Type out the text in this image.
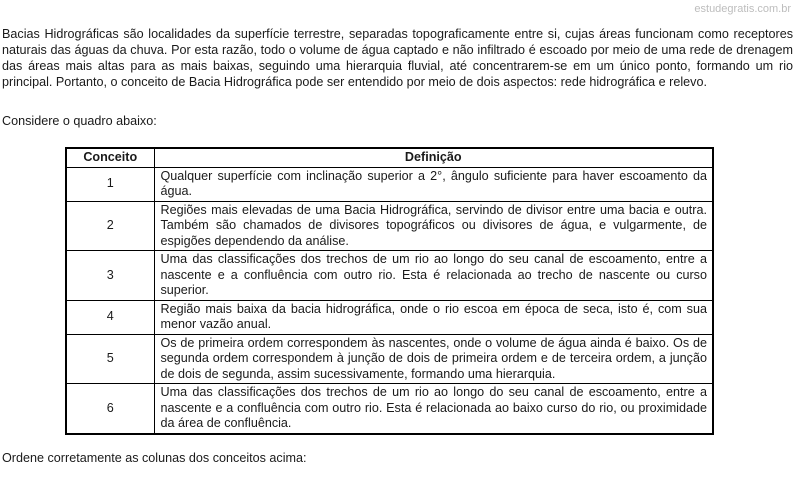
estudegratis.com.br
Bacias Hidrográficas são localidades da superfície terrestre, separadas topograficamente entre si, cujas áreas funcionam como receptores naturais das águas da chuva. Por esta razão, todo o volume de água captado e não infiltrado é escoado por meio de uma rede de drenagem das áreas mais altas para as mais baixas, seguindo uma hierarquia fluvial, até concentrarem-se em um único ponto, formando um rio principal. Portanto, o conceito de Bacia Hidrográfica pode ser entendido por meio de dois aspectos: rede hidrográfica e relevo.
Considere o quadro abaixo:
Conceito	Definição
1	Qualquer superfície com inclinação superior a 2°, ângulo suficiente para haver escoamento da água.
2	Regiões mais elevadas de uma Bacia Hidrográfica, servindo de divisor entre uma bacia e outra. Também são chamados de divisores topográficos ou divisores de água, e vulgarmente, de espigões dependendo da análise.
3	Uma das classificações dos trechos de um rio ao longo do seu canal de escoamento, entre a nascente e a confluência com outro rio. Esta é relacionada ao trecho de nascente ou curso superior.
4	Região mais baixa da bacia hidrográfica, onde o rio escoa em época de seca, isto é, com sua menor vazão anual.
5	Os de primeira ordem correspondem às nascentes, onde o volume de água ainda é baixo. Os de segunda ordem correspondem à junção de dois de primeira ordem e de terceira ordem, a junção de dois de segunda, assim sucessivamente, formando uma hierarquia.
6	Uma das classificações dos trechos de um rio ao longo do seu canal de escoamento, entre a nascente e a confluência com outro rio. Esta é relacionada ao baixo curso do rio, ou proximidade da área de confluência.
Ordene corretamente as colunas dos conceitos acima:
